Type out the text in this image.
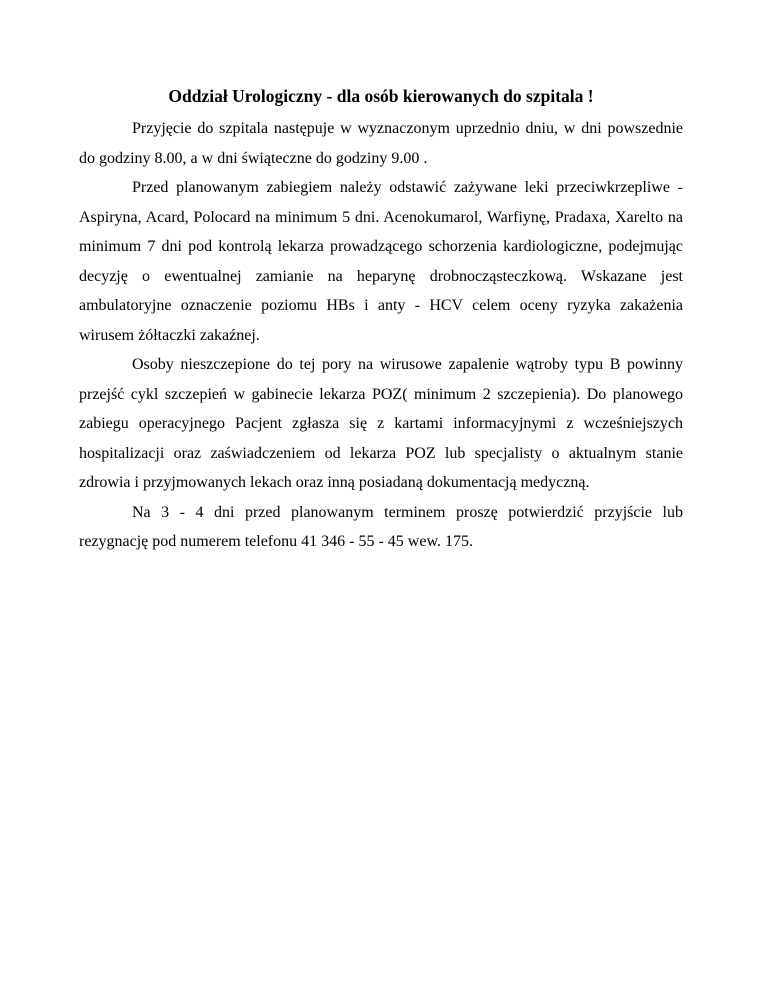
Oddział Urologiczny - dla osób kierowanych do szpitala !

Przyjęcie do szpitala następuje w wyznaczonym uprzednio dniu, w dni powszednie do godziny 8.00, a w dni świąteczne do godziny 9.00 .

Przed planowanym zabiegiem należy odstawić zażywane leki przeciwkrzepliwe - Aspiryna, Acard, Polocard na minimum 5 dni. Acenokumarol, Warfiynę, Pradaxa, Xarelto na minimum 7 dni pod kontrolą lekarza prowadzącego schorzenia kardiologiczne, podejmując decyzję o ewentualnej zamianie na heparynę drobnocząsteczkową. Wskazane jest ambulatoryjne oznaczenie poziomu HBs i anty - HCV celem oceny ryzyka zakażenia wirusem żółtaczki zakaźnej.

Osoby nieszczepione do tej pory na wirusowe zapalenie wątroby typu B powinny przejść cykl szczepień w gabinecie lekarza POZ( minimum 2 szczepienia). Do planowego zabiegu operacyjnego Pacjent zgłasza się z kartami informacyjnymi z wcześniejszych hospitalizacji oraz zaświadczeniem od lekarza POZ lub specjalisty o aktualnym stanie zdrowia i przyjmowanych lekach oraz inną posiadaną dokumentacją medyczną.

Na 3 - 4 dni przed planowanym terminem proszę potwierdzić przyjście lub rezygnację pod numerem telefonu 41 346 - 55 - 45 wew. 175.
